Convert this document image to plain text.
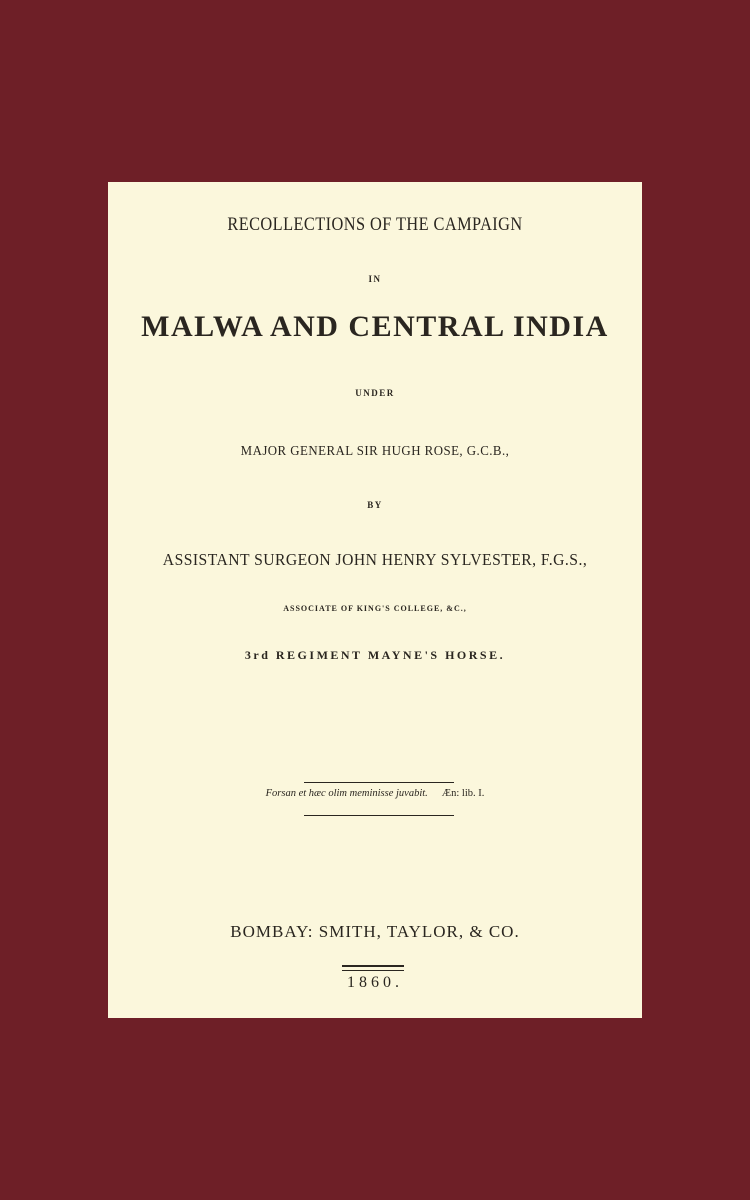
RECOLLECTIONS OF THE CAMPAIGN
IN
MALWA AND CENTRAL INDIA
UNDER
MAJOR GENERAL SIR HUGH ROSE, G.C.B.,
BY
ASSISTANT SURGEON JOHN HENRY SYLVESTER, F.G.S.,
ASSOCIATE OF KING'S COLLEGE, &C.,
3rd REGIMENT MAYNE'S HORSE.
Forsan et hæc olim meminisse juvabit. Æn: lib. I.
BOMBAY: SMITH, TAYLOR, & CO.
1860.
